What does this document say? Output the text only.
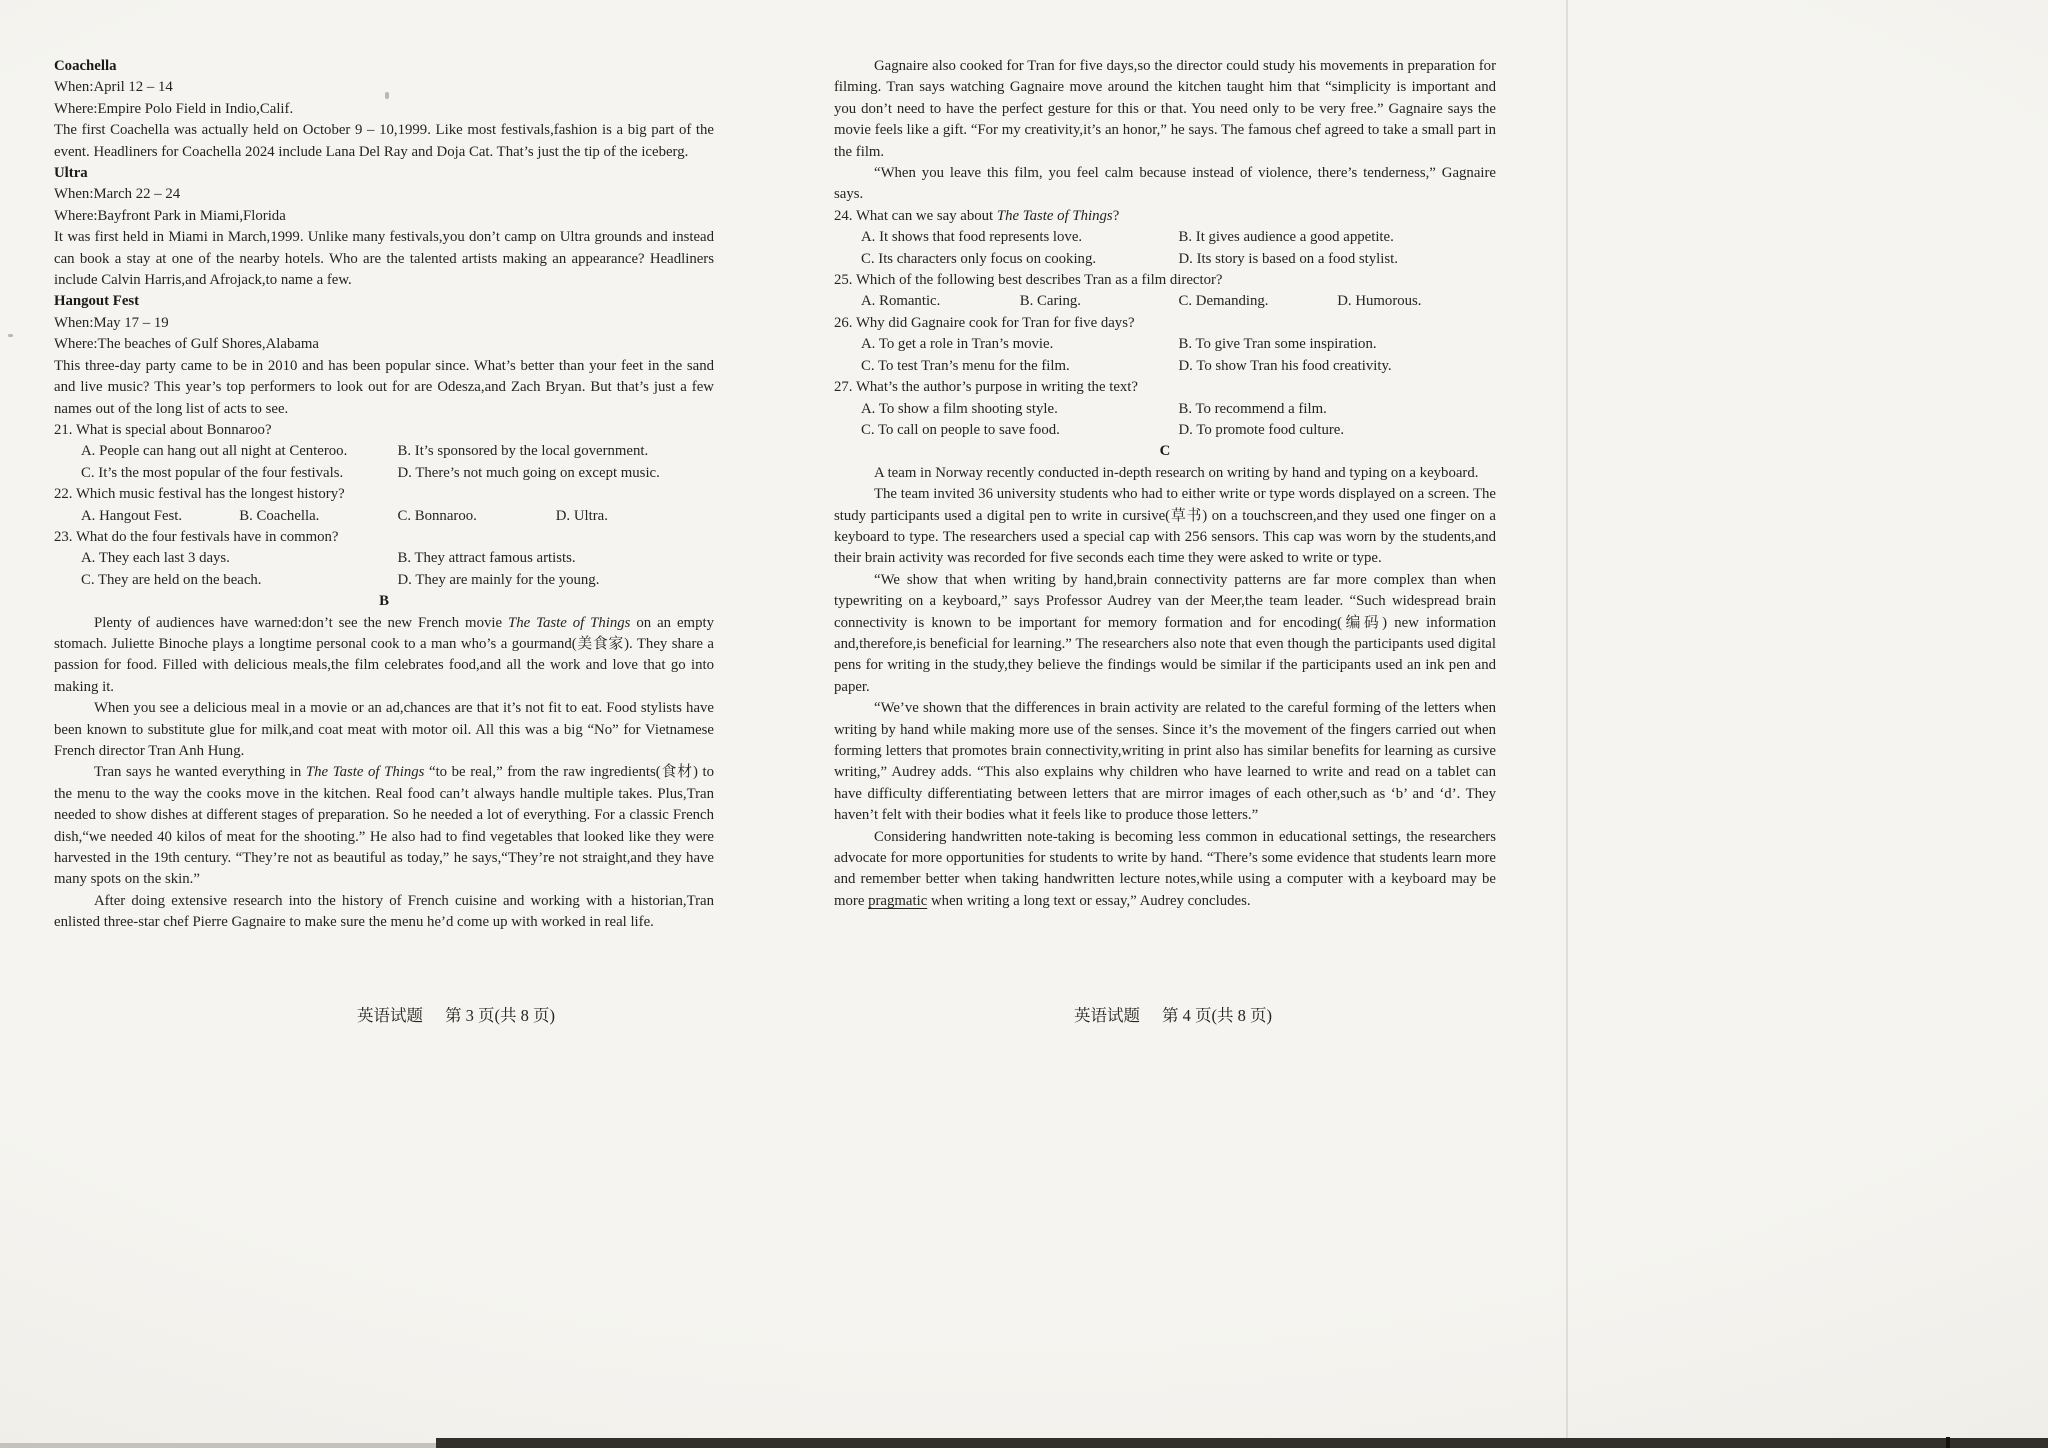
Coachella
When:April 12 – 14
Where:Empire Polo Field in Indio,Calif.

The first Coachella was actually held on October 9 – 10,1999. Like most festivals,fashion is a big part of the event. Headliners for Coachella 2024 include Lana Del Ray and Doja Cat. That’s just the tip of the iceberg.

Ultra
When:March 22 – 24
Where:Bayfront Park in Miami,Florida

It was first held in Miami in March,1999. Unlike many festivals,you don’t camp on Ultra grounds and instead can book a stay at one of the nearby hotels. Who are the talented artists making an appearance? Headliners include Calvin Harris,and Afrojack,to name a few.

Hangout Fest
When:May 17 – 19
Where:The beaches of Gulf Shores,Alabama

This three-day party came to be in 2010 and has been popular since. What’s better than your feet in the sand and live music? This year’s top performers to look out for are Odesza,and Zach Bryan. But that’s just a few names out of the long list of acts to see.

21. What is special about Bonnaroo?
A. People can hang out all night at Centeroo.	B. It’s sponsored by the local government.
C. It’s the most popular of the four festivals.	D. There’s not much going on except music.
22. Which music festival has the longest history?
A. Hangout Fest.	B. Coachella.	C. Bonnaroo.	D. Ultra.
23. What do the four festivals have in common?
A. They each last 3 days.	B. They attract famous artists.
C. They are held on the beach.	D. They are mainly for the young.
B

Plenty of audiences have warned:don’t see the new French movie The Taste of Things on an empty stomach. Juliette Binoche plays a longtime personal cook to a man who’s a gourmand(美食家). They share a passion for food. Filled with delicious meals,the film celebrates food,and all the work and love that go into making it.

When you see a delicious meal in a movie or an ad,chances are that it’s not fit to eat. Food stylists have been known to substitute glue for milk,and coat meat with motor oil. All this was a big “No” for Vietnamese French director Tran Anh Hung.

Tran says he wanted everything in The Taste of Things “to be real,” from the raw ingredients(食材) to the menu to the way the cooks move in the kitchen. Real food can’t always handle multiple takes. Plus,Tran needed to show dishes at different stages of preparation. So he needed a lot of everything. For a classic French dish,“we needed 40 kilos of meat for the shooting.” He also had to find vegetables that looked like they were harvested in the 19th century. “They’re not as beautiful as today,” he says,“They’re not straight,and they have many spots on the skin.”

After doing extensive research into the history of French cuisine and working with a historian,Tran enlisted three-star chef Pierre Gagnaire to make sure the menu he’d come up with worked in real life.

Gagnaire also cooked for Tran for five days,so the director could study his movements in preparation for filming. Tran says watching Gagnaire move around the kitchen taught him that “simplicity is important and you don’t need to have the perfect gesture for this or that. You need only to be very free.” Gagnaire says the movie feels like a gift. “For my creativity,it’s an honor,” he says. The famous chef agreed to take a small part in the film.

“When you leave this film, you feel calm because instead of violence, there’s tenderness,” Gagnaire says.

24. What can we say about The Taste of Things?
A. It shows that food represents love.	B. It gives audience a good appetite.
C. Its characters only focus on cooking.	D. Its story is based on a food stylist.
25. Which of the following best describes Tran as a film director?
A. Romantic.	B. Caring.	C. Demanding.	D. Humorous.
26. Why did Gagnaire cook for Tran for five days?
A. To get a role in Tran’s movie.	B. To give Tran some inspiration.
C. To test Tran’s menu for the film.	D. To show Tran his food creativity.
27. What’s the author’s purpose in writing the text?
A. To show a film shooting style.	B. To recommend a film.
C. To call on people to save food.	D. To promote food culture.
C

A team in Norway recently conducted in-depth research on writing by hand and typing on a keyboard.

The team invited 36 university students who had to either write or type words displayed on a screen. The study participants used a digital pen to write in cursive(草书) on a touchscreen,and they used one finger on a keyboard to type. The researchers used a special cap with 256 sensors. This cap was worn by the students,and their brain activity was recorded for five seconds each time they were asked to write or type.

“We show that when writing by hand,brain connectivity patterns are far more complex than when typewriting on a keyboard,” says Professor Audrey van der Meer,the team leader. “Such widespread brain connectivity is known to be important for memory formation and for encoding(编码) new information and,therefore,is beneficial for learning.” The researchers also note that even though the participants used digital pens for writing in the study,they believe the findings would be similar if the participants used an ink pen and paper.

“We’ve shown that the differences in brain activity are related to the careful forming of the letters when writing by hand while making more use of the senses. Since it’s the movement of the fingers carried out when forming letters that promotes brain connectivity,writing in print also has similar benefits for learning as cursive writing,” Audrey adds. “This also explains why children who have learned to write and read on a tablet can have difficulty differentiating between letters that are mirror images of each other,such as ‘b’ and ‘d’. They haven’t felt with their bodies what it feels like to produce those letters.”

Considering handwritten note-taking is becoming less common in educational settings, the researchers advocate for more opportunities for students to write by hand. “There’s some evidence that students learn more and remember better when taking handwritten lecture notes,while using a computer with a keyboard may be more pragmatic when writing a long text or essay,” Audrey concludes.

英语试题 第 3 页(共 8 页)	英语试题 第 4 页(共 8 页)
